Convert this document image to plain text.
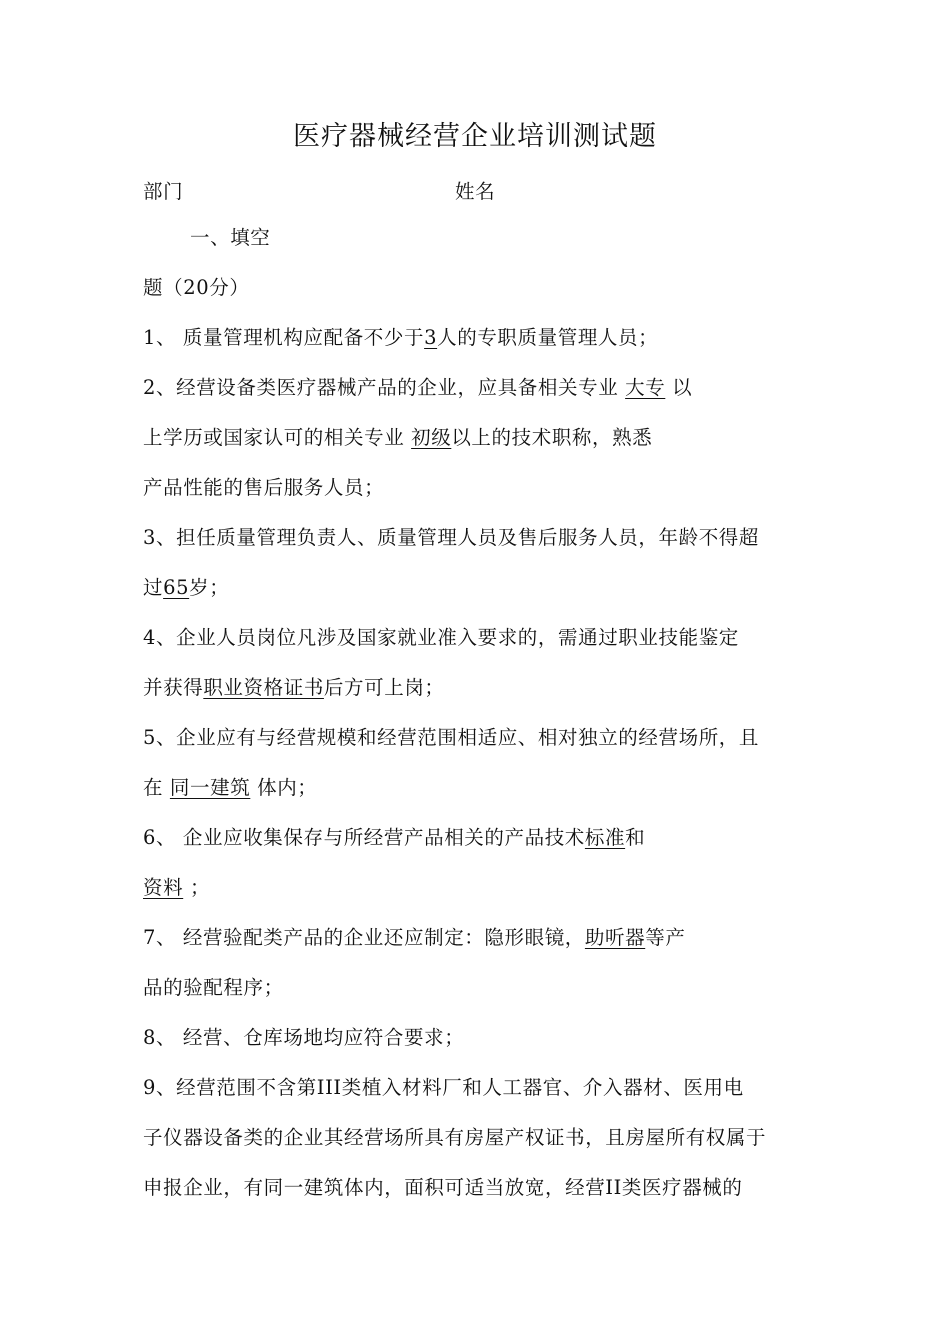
医疗器械经营企业培训测试题
部门	姓名
一、填空
题（20分）
1、 质量管理机构应配备不少于3人的专职质量管理人员；
2、经营设备类医疗器械产品的企业，应具备相关专业 大专 以
上学历或国家认可的相关专业 初级以上的技术职称，熟悉
产品性能的售后服务人员；
3、担任质量管理负责人、质量管理人员及售后服务人员，年龄不得超
过65岁；
4、企业人员岗位凡涉及国家就业准入要求的，需通过职业技能鉴定
并获得职业资格证书后方可上岗；
5、企业应有与经营规模和经营范围相适应、相对独立的经营场所，且
在 同一建筑 体内；
6、 企业应收集保存与所经营产品相关的产品技术标准和
资料 ；
7、 经营验配类产品的企业还应制定：隐形眼镜，助听器等产
品的验配程序；
8、 经营、仓库场地均应符合要求；
9、经营范围不含第III类植入材料厂和人工器官、介入器材、医用电
子仪器设备类的企业其经营场所具有房屋产权证书，且房屋所有权属于
申报企业，有同一建筑体内，面积可适当放宽，经营II类医疗器械的
